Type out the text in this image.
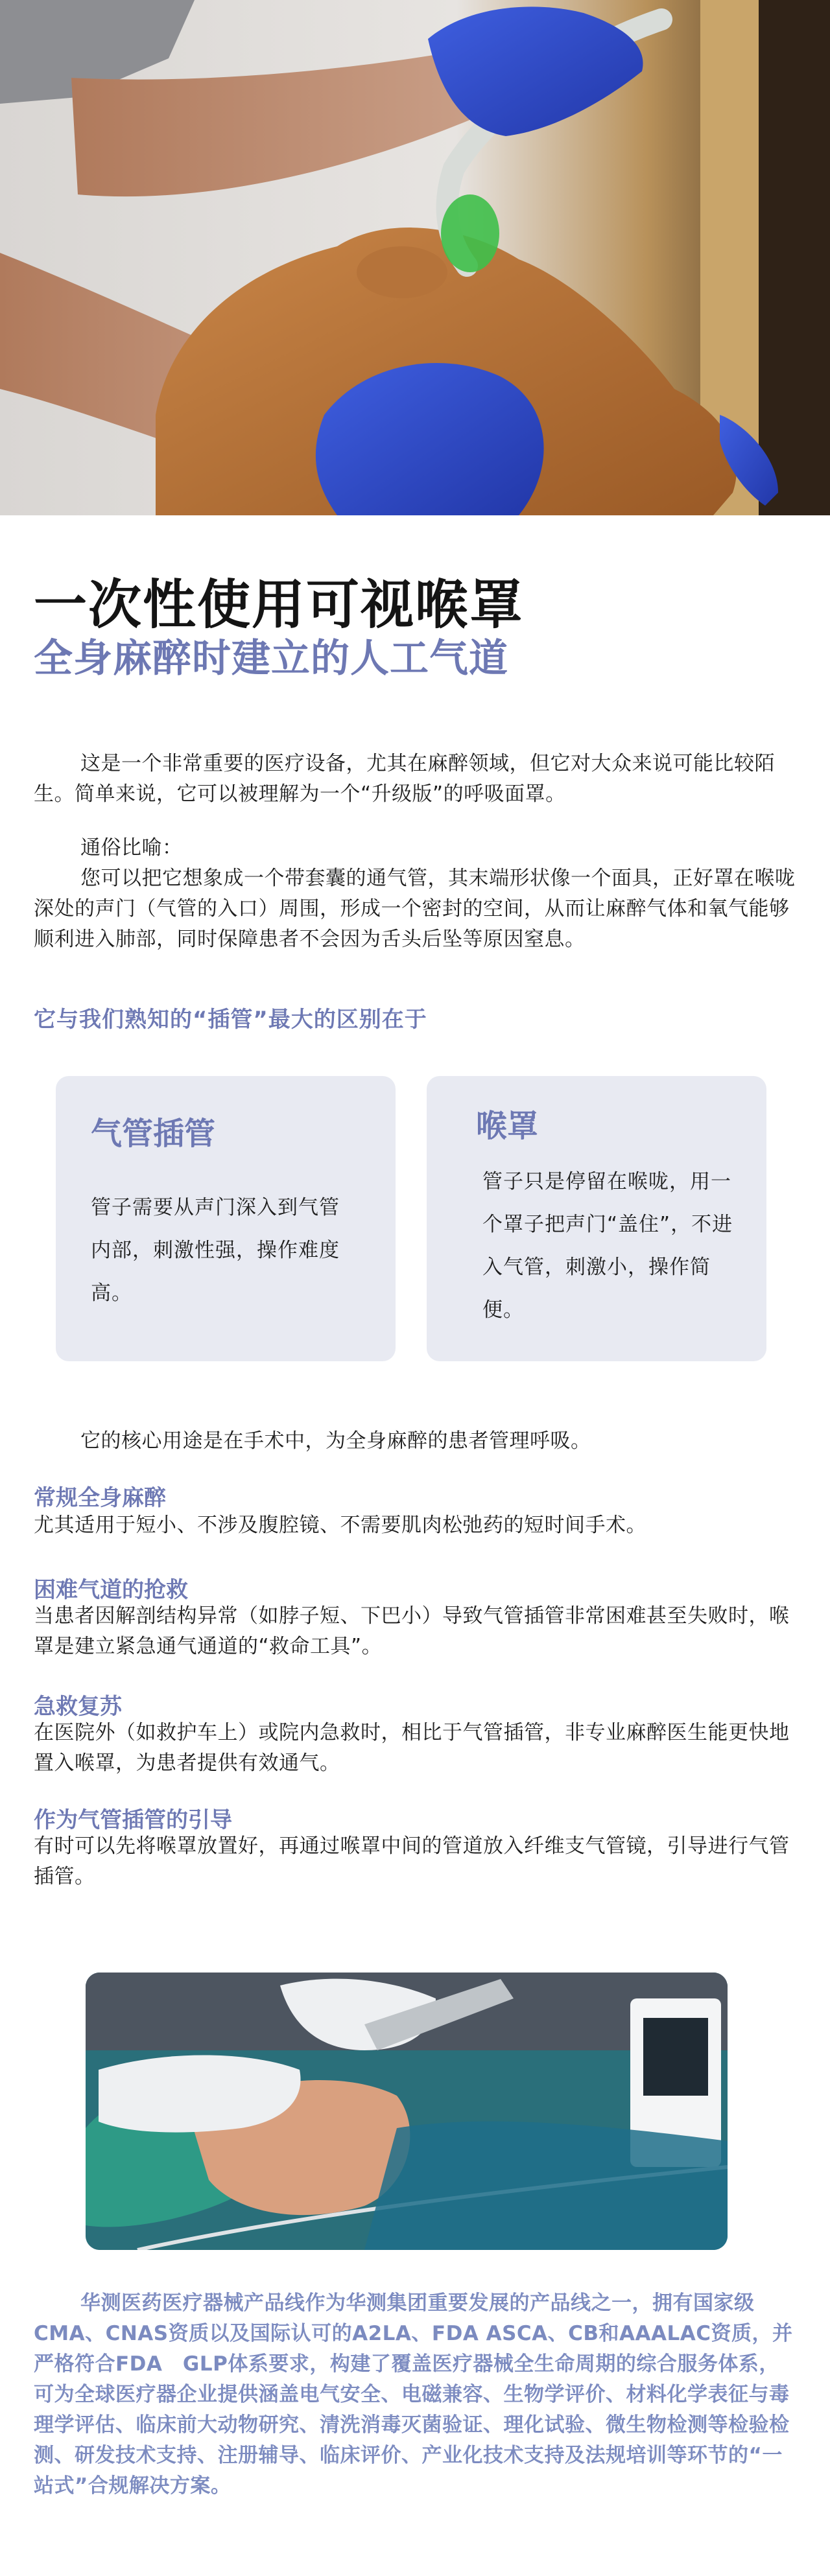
一次性使用可视喉罩
全身麻醉时建立的人工气道

这是一个非常重要的医疗设备，尤其在麻醉领域，但它对大众来说可能比较陌生。简单来说，它可以被理解为一个“升级版”的呼吸面罩。

通俗比喻：

您可以把它想象成一个带套囊的通气管，其末端形状像一个面具，正好罩在喉咙深处的声门（气管的入口）周围，形成一个密封的空间，从而让麻醉气体和氧气能够顺利进入肺部，同时保障患者不会因为舌头后坠等原因窒息。

它与我们熟知的“插管”最大的区别在于
气管插管

管子需要从声门深入到气管内部，刺激性强，操作难度高。

喉罩

管子只是停留在喉咙，用一个罩子把声门“盖住”，不进入气管，刺激小，操作简便。

它的核心用途是在手术中，为全身麻醉的患者管理呼吸。

常规全身麻醉

尤其适用于短小、不涉及腹腔镜、不需要肌肉松弛药的短时间手术。

困难气道的抢救

当患者因解剖结构异常（如脖子短、下巴小）导致气管插管非常困难甚至失败时，喉罩是建立紧急通气通道的“救命工具”。

急救复苏

在医院外（如救护车上）或院内急救时，相比于气管插管，非专业麻醉医生能更快地置入喉罩，为患者提供有效通气。

作为气管插管的引导

有时可以先将喉罩放置好，再通过喉罩中间的管道放入纤维支气管镜，引导进行气管插管。

华测医药医疗器械产品线作为华测集团重要发展的产品线之一，拥有国家级CMA、CNAS资质以及国际认可的A2LA、FDA ASCA、CB和AAALAC资质，并严格符合FDA　GLP体系要求，构建了覆盖医疗器械全生命周期的综合服务体系，可为全球医疗器企业提供涵盖电气安全、电磁兼容、生物学评价、材料化学表征与毒理学评估、临床前大动物研究、清洗消毒灭菌验证、理化试验、微生物检测等检验检测、研发技术支持、注册辅导、临床评价、产业化技术支持及法规培训等环节的“一站式”合规解决方案。
